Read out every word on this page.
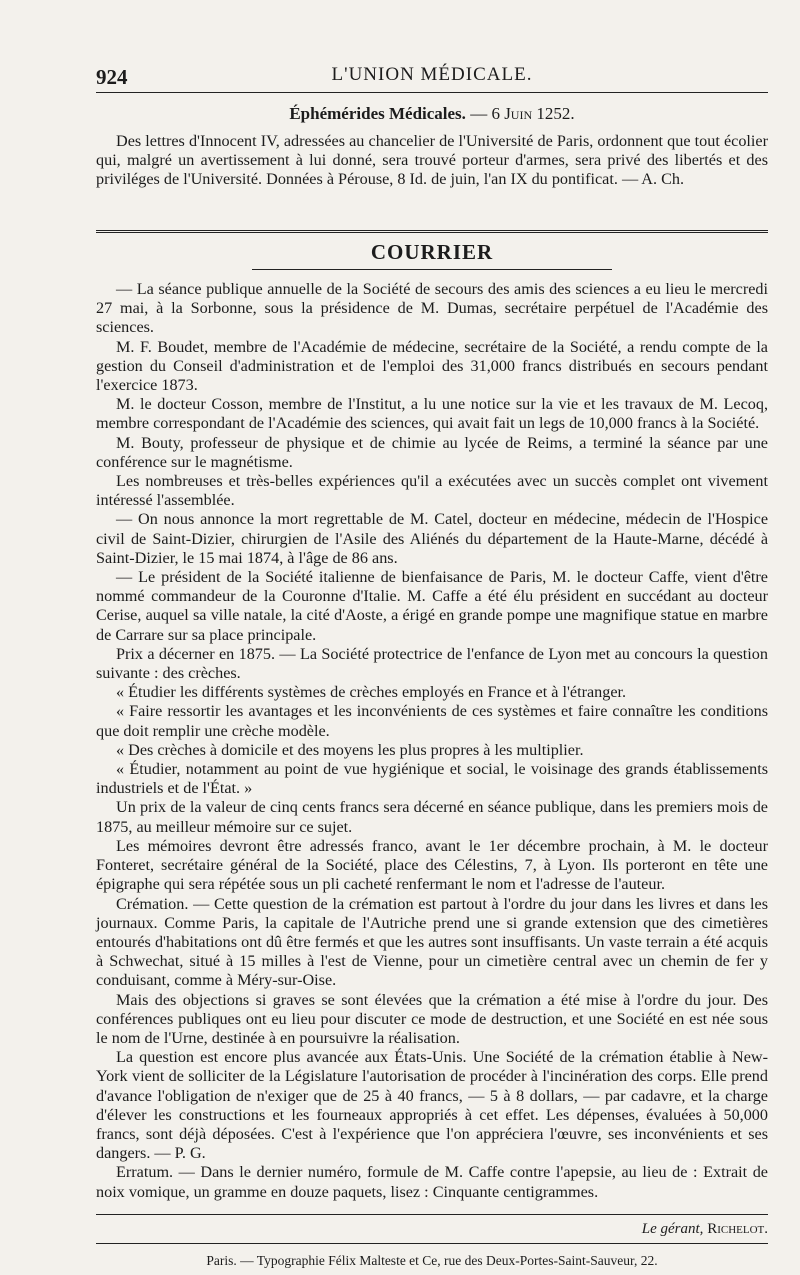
924	L'UNION MÉDICALE.
Éphémérides Médicales. — 6 Juin 1252.

Des lettres d'Innocent IV, adressées au chancelier de l'Université de Paris, ordonnent que tout écolier qui, malgré un avertissement à lui donné, sera trouvé porteur d'armes, sera privé des libertés et des priviléges de l'Université. Données à Pérouse, 8 Id. de juin, l'an IX du pontificat. — A. Ch.

COURRIER

— La séance publique annuelle de la Société de secours des amis des sciences a eu lieu le mercredi 27 mai, à la Sorbonne, sous la présidence de M. Dumas, secrétaire perpétuel de l'Académie des sciences.

M. F. Boudet, membre de l'Académie de médecine, secrétaire de la Société, a rendu compte de la gestion du Conseil d'administration et de l'emploi des 31,000 francs distribués en secours pendant l'exercice 1873.

M. le docteur Cosson, membre de l'Institut, a lu une notice sur la vie et les travaux de M. Lecoq, membre correspondant de l'Académie des sciences, qui avait fait un legs de 10,000 francs à la Société.

M. Bouty, professeur de physique et de chimie au lycée de Reims, a terminé la séance par une conférence sur le magnétisme.

Les nombreuses et très-belles expériences qu'il a exécutées avec un succès complet ont vivement intéressé l'assemblée.

— On nous annonce la mort regrettable de M. Catel, docteur en médecine, médecin de l'Hospice civil de Saint-Dizier, chirurgien de l'Asile des Aliénés du département de la Haute-Marne, décédé à Saint-Dizier, le 15 mai 1874, à l'âge de 86 ans.

— Le président de la Société italienne de bienfaisance de Paris, M. le docteur Caffe, vient d'être nommé commandeur de la Couronne d'Italie. M. Caffe a été élu président en succédant au docteur Cerise, auquel sa ville natale, la cité d'Aoste, a érigé en grande pompe une magnifique statue en marbre de Carrare sur sa place principale.

Prix a décerner en 1875. — La Société protectrice de l'enfance de Lyon met au concours la question suivante : des crèches.

« Étudier les différents systèmes de crèches employés en France et à l'étranger.

« Faire ressortir les avantages et les inconvénients de ces systèmes et faire connaître les conditions que doit remplir une crèche modèle.

« Des crèches à domicile et des moyens les plus propres à les multiplier.

« Étudier, notamment au point de vue hygiénique et social, le voisinage des grands établissements industriels et de l'État. »

Un prix de la valeur de cinq cents francs sera décerné en séance publique, dans les premiers mois de 1875, au meilleur mémoire sur ce sujet.

Les mémoires devront être adressés franco, avant le 1er décembre prochain, à M. le docteur Fonteret, secrétaire général de la Société, place des Célestins, 7, à Lyon. Ils porteront en tête une épigraphe qui sera répétée sous un pli cacheté renfermant le nom et l'adresse de l'auteur.

Crémation. — Cette question de la crémation est partout à l'ordre du jour dans les livres et dans les journaux. Comme Paris, la capitale de l'Autriche prend une si grande extension que des cimetières entourés d'habitations ont dû être fermés et que les autres sont insuffisants. Un vaste terrain a été acquis à Schwechat, situé à 15 milles à l'est de Vienne, pour un cimetière central avec un chemin de fer y conduisant, comme à Méry-sur-Oise.

Mais des objections si graves se sont élevées que la crémation a été mise à l'ordre du jour. Des conférences publiques ont eu lieu pour discuter ce mode de destruction, et une Société en est née sous le nom de l'Urne, destinée à en poursuivre la réalisation.

La question est encore plus avancée aux États-Unis. Une Société de la crémation établie à New-York vient de solliciter de la Législature l'autorisation de procéder à l'incinération des corps. Elle prend d'avance l'obligation de n'exiger que de 25 à 40 francs, — 5 à 8 dollars, — par cadavre, et la charge d'élever les constructions et les fourneaux appropriés à cet effet. Les dépenses, évaluées à 50,000 francs, sont déjà déposées. C'est à l'expérience que l'on appréciera l'œuvre, ses inconvénients et ses dangers. — P. G.

Erratum. — Dans le dernier numéro, formule de M. Caffe contre l'apepsie, au lieu de : Extrait de noix vomique, un gramme en douze paquets, lisez : Cinquante centigrammes.

Le gérant, Richelot.
Paris. — Typographie Félix Malteste et Ce, rue des Deux-Portes-Saint-Sauveur, 22.
